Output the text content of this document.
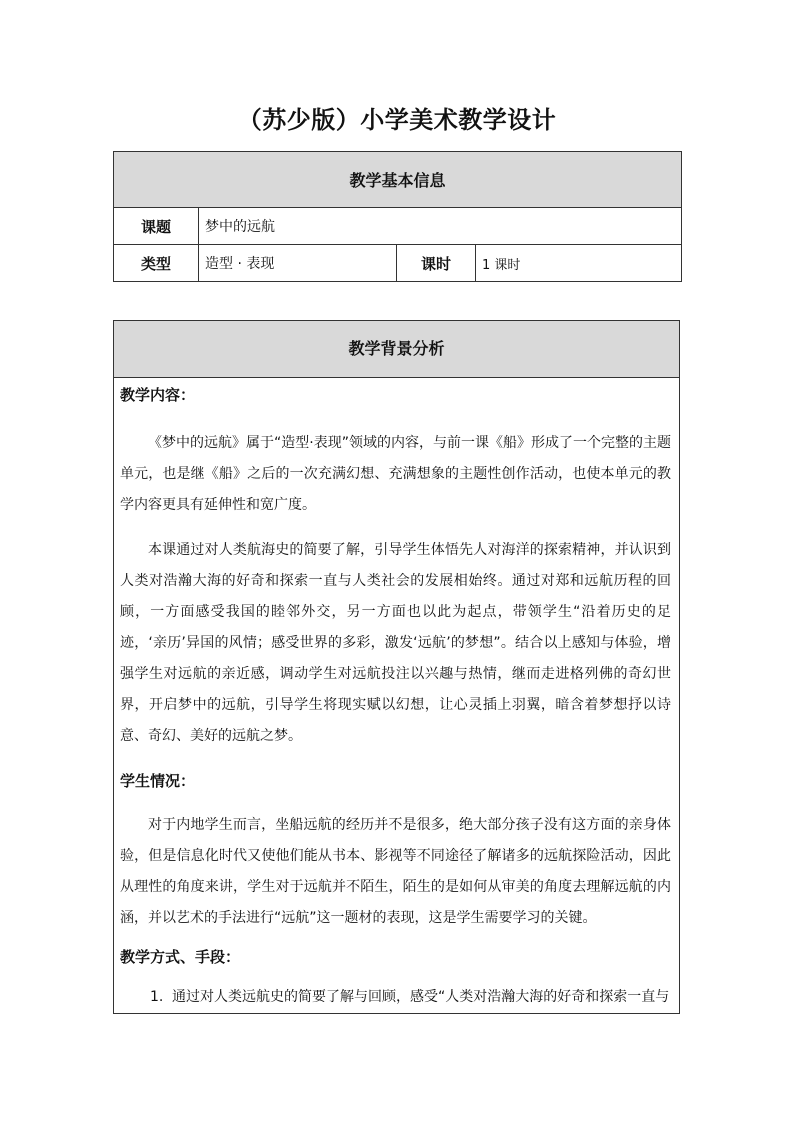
（苏少版）小学美术教学设计
教学基本信息			
课题	梦中的远航		
类型	造型 · 表现	课时	1 课时
教学背景分析

教学内容：

《梦中的远航》属于“造型·表现”领域的内容，与前一课《船》形成了一个完整的主题单元，也是继《船》之后的一次充满幻想、充满想象的主题性创作活动，也使本单元的教学内容更具有延伸性和宽广度。

本课通过对人类航海史的简要了解，引导学生体悟先人对海洋的探索精神，并认识到人类对浩瀚大海的好奇和探索一直与人类社会的发展相始终。通过对郑和远航历程的回顾，一方面感受我国的睦邻外交，另一方面也以此为起点，带领学生“沿着历史的足迹，‘亲历’异国的风情；感受世界的多彩，激发‘远航’的梦想”。结合以上感知与体验，增强学生对远航的亲近感，调动学生对远航投注以兴趣与热情，继而走进格列佛的奇幻世界，开启梦中的远航，引导学生将现实赋以幻想，让心灵插上羽翼，暗含着梦想抒以诗意、奇幻、美好的远航之梦。

学生情况：

对于内地学生而言，坐船远航的经历并不是很多，绝大部分孩子没有这方面的亲身体验，但是信息化时代又使他们能从书本、影视等不同途径了解诸多的远航探险活动，因此从理性的角度来讲，学生对于远航并不陌生，陌生的是如何从审美的角度去理解远航的内涵，并以艺术的手法进行“远航”这一题材的表现，这是学生需要学习的关键。

教学方式、手段：

1. 通过对人类远航史的简要了解与回顾，感受“人类对浩瀚大海的好奇和探索一直与
